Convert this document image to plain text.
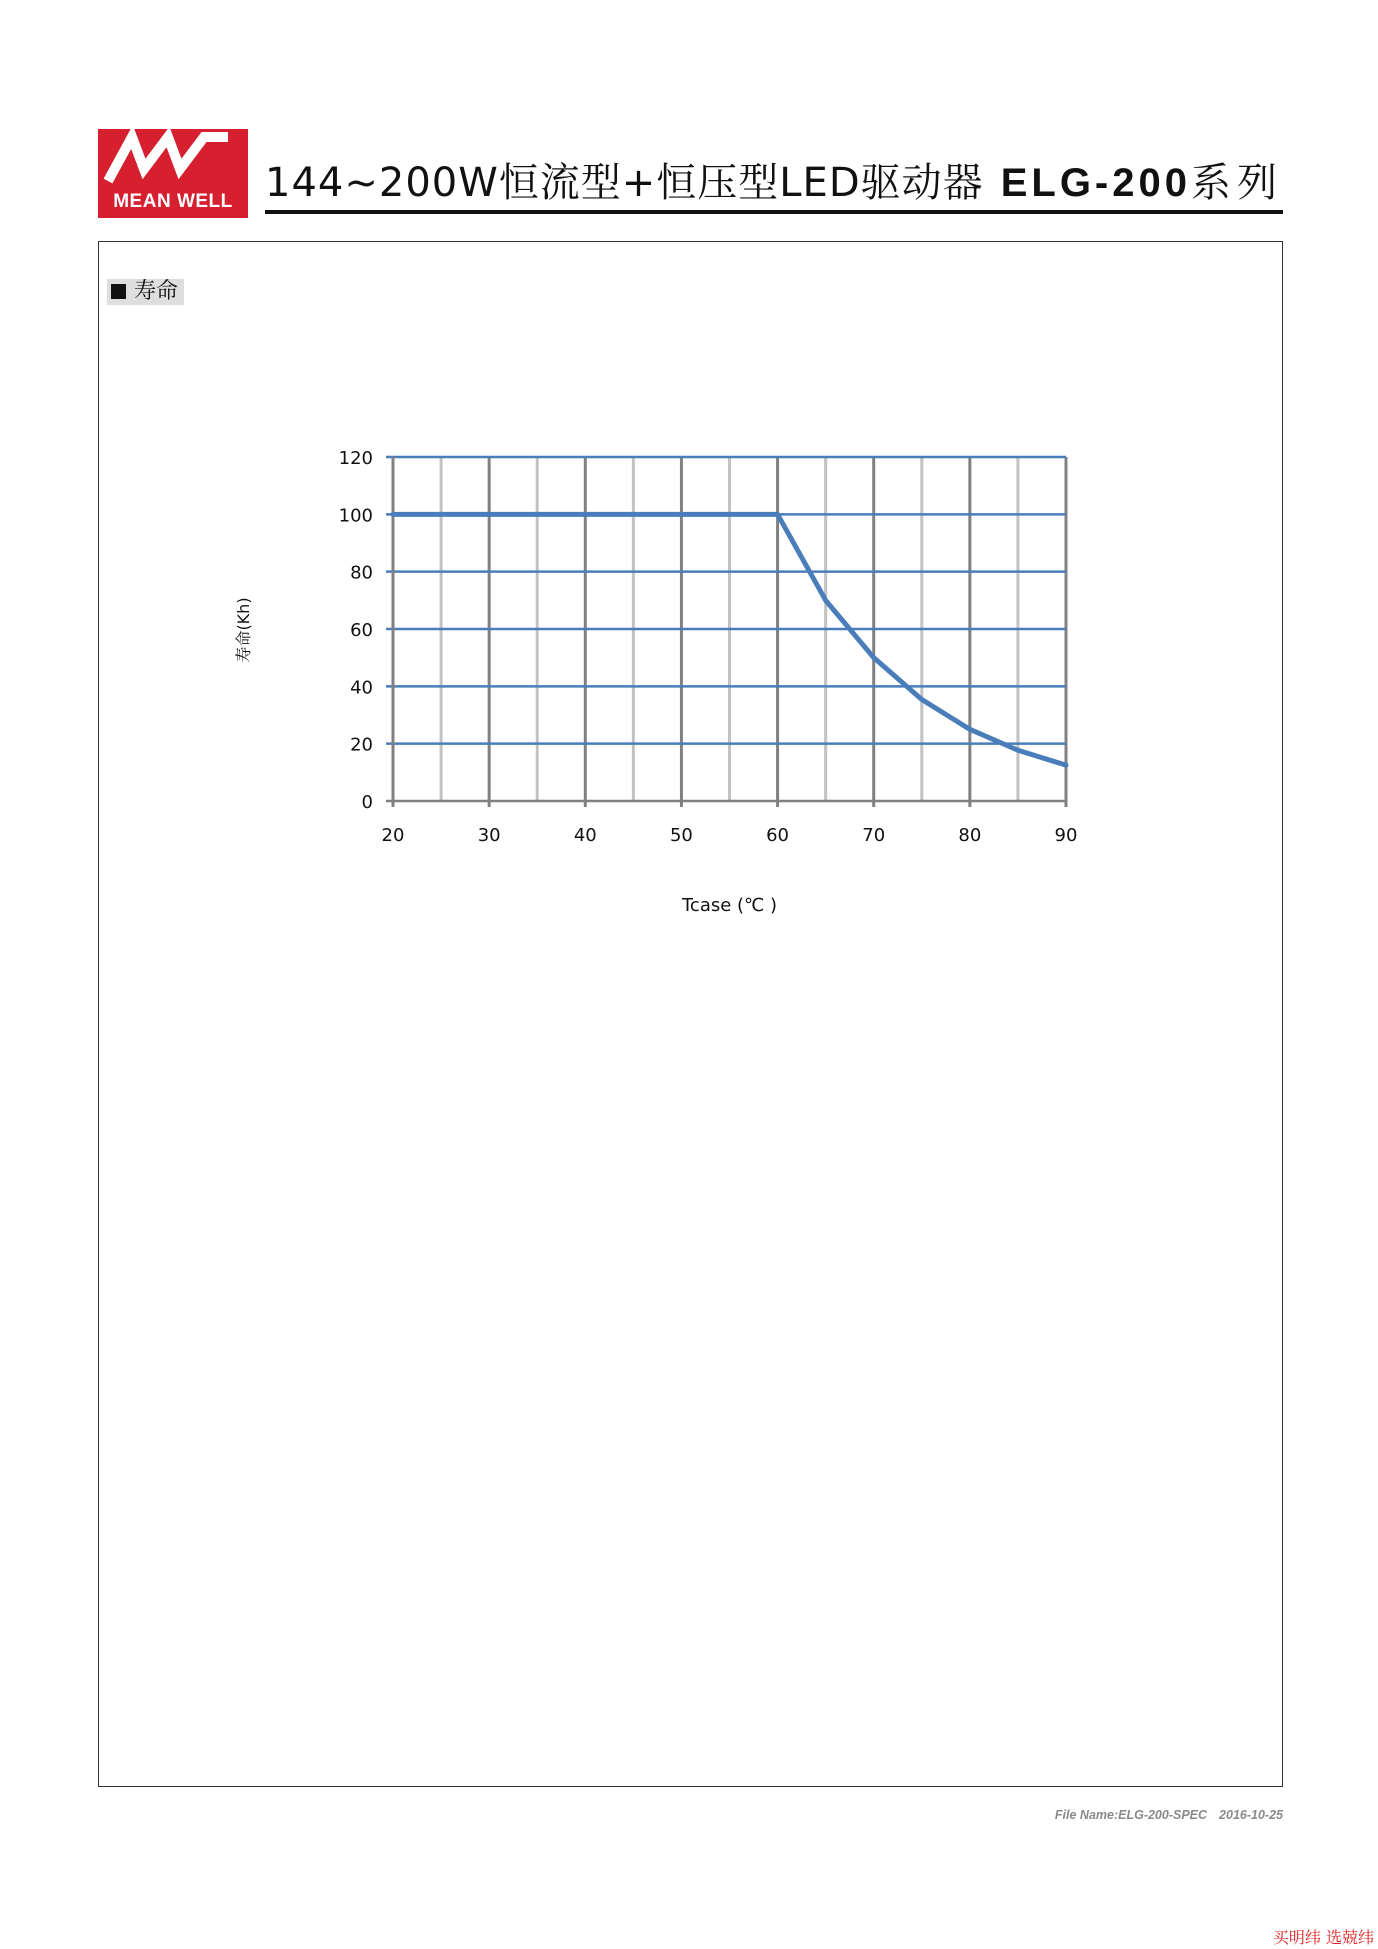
MEAN WELL 144~200W恒流型+恒压型LED驱动器 ELG-200系列
寿命
0
20
40
60
80
100
120
20	30	40	50	60	70	80	90
Tcase (℃ )
寿命(Kh)
File Name:ELG-200-SPEC 2016-10-25
买明纬 选兢纬
